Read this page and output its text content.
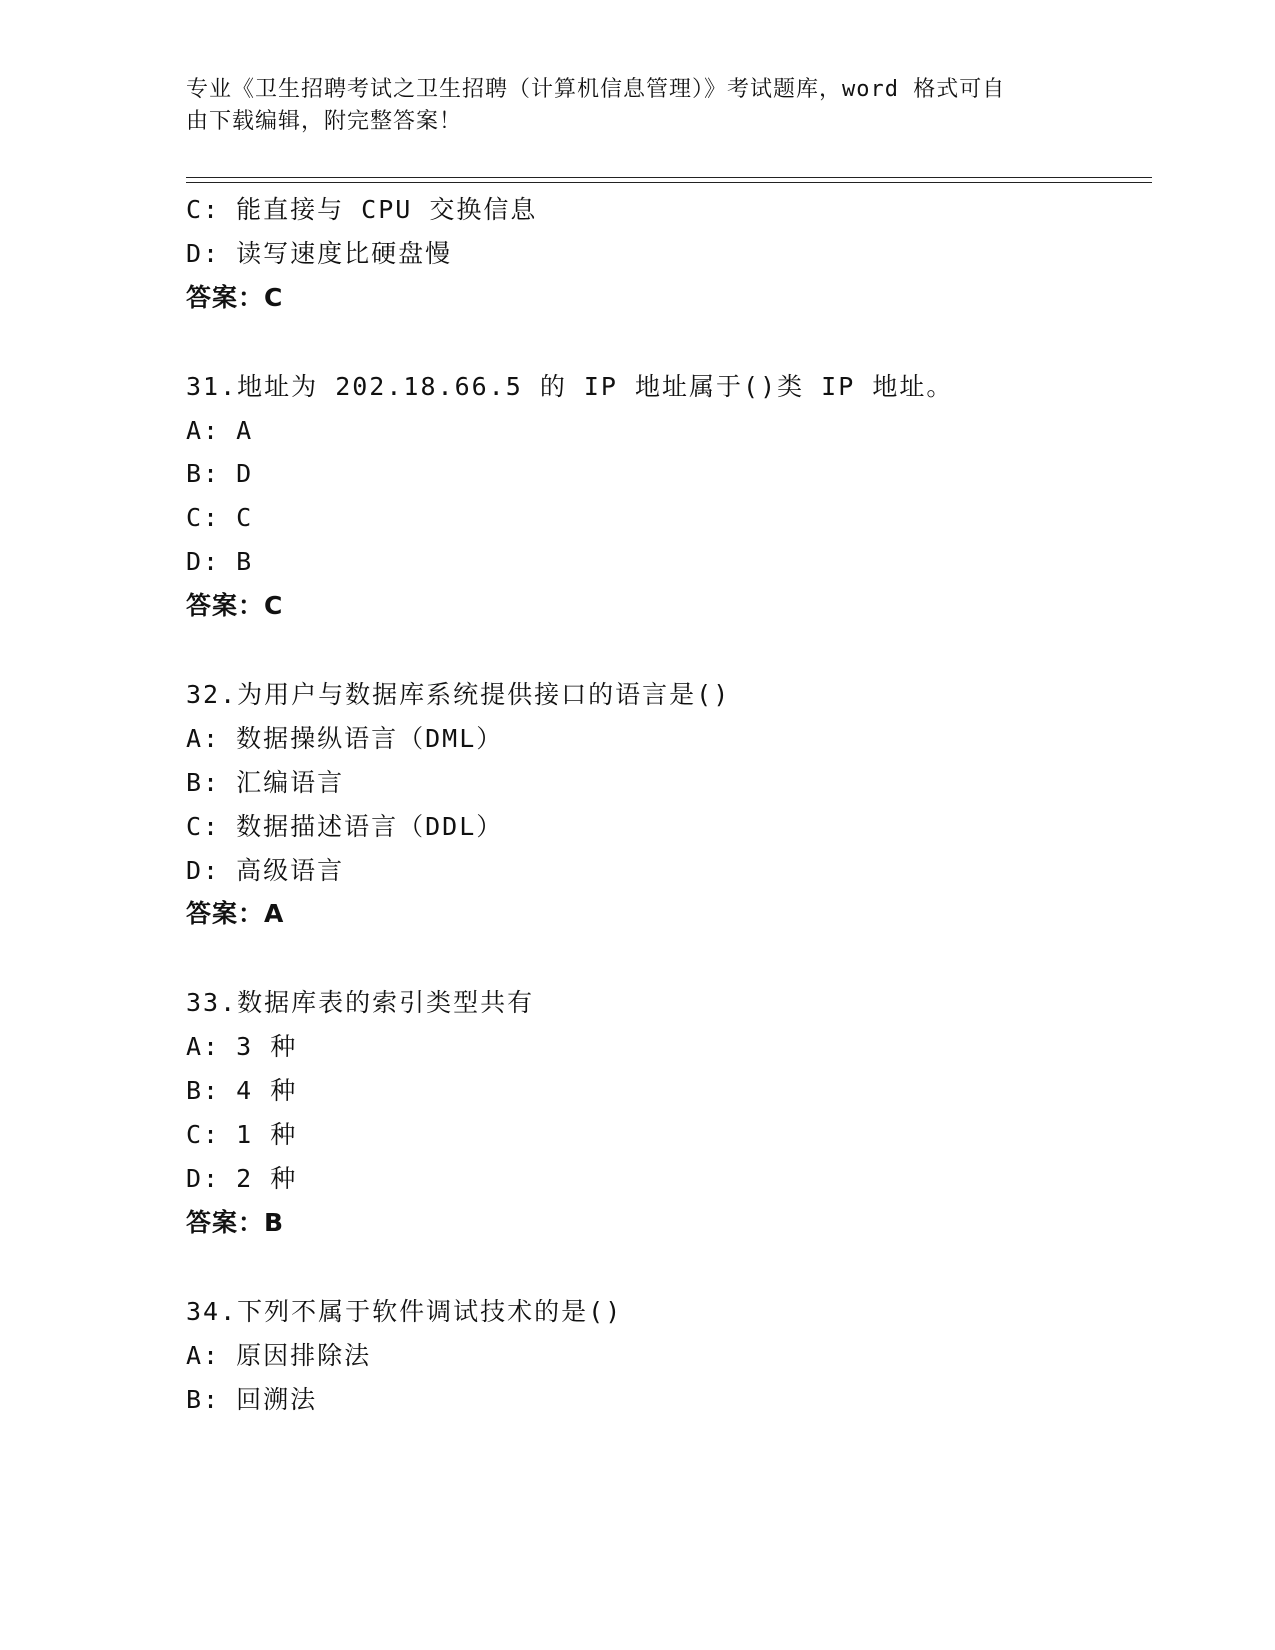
专业《卫生招聘考试之卫生招聘（计算机信息管理）》考试题库，word 格式可自
由下载编辑，附完整答案！
C: 能直接与 CPU 交换信息
D: 读写速度比硬盘慢
答案：C
31.地址为 202.18.66.5 的 IP 地址属于()类 IP 地址。
A: A
B: D
C: C
D: B
答案：C
32.为用户与数据库系统提供接口的语言是()
A: 数据操纵语言（DML）
B: 汇编语言
C: 数据描述语言（DDL）
D: 高级语言
答案：A
33.数据库表的索引类型共有
A: 3 种
B: 4 种
C: 1 种
D: 2 种
答案：B
34.下列不属于软件调试技术的是()
A: 原因排除法
B: 回溯法
